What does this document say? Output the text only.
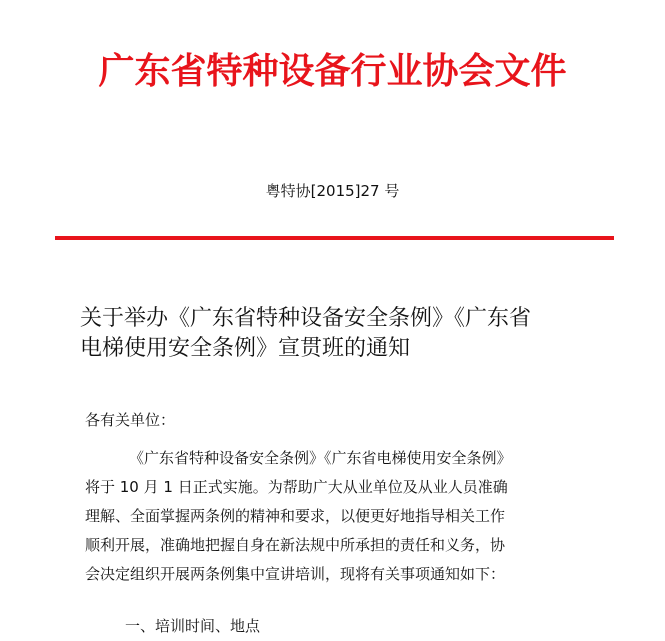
广东省特种设备行业协会文件
粤特协[2015]27 号
关于举办《广东省特种设备安全条例》《广东省
电梯使用安全条例》宣贯班的通知
各有关单位：
《广东省特种设备安全条例》《广东省电梯使用安全条例》
将于 10 月 1 日正式实施。为帮助广大从业单位及从业人员准确
理解、全面掌握两条例的精神和要求，以便更好地指导相关工作
顺利开展，准确地把握自身在新法规中所承担的责任和义务，协
会决定组织开展两条例集中宣讲培训，现将有关事项通知如下：
一、培训时间、地点
